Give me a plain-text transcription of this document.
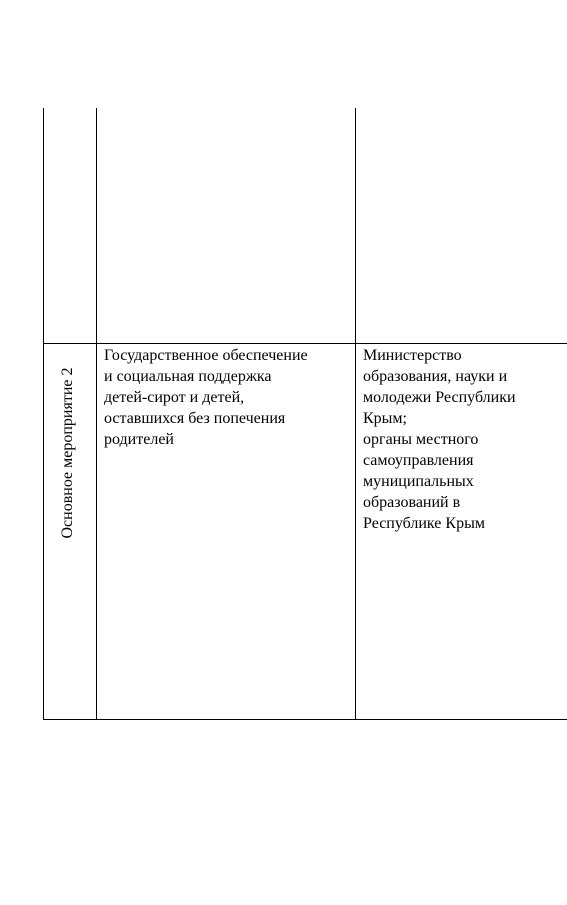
Основное мероприятие 2

Государственное обеспечение
и социальная поддержка
детей-сирот и детей,
оставшихся без попечения
родителей

Министерство
образования, науки и
молодежи Республики
Крым;
органы местного
самоуправления
муниципальных
образований в
Республике Крым
